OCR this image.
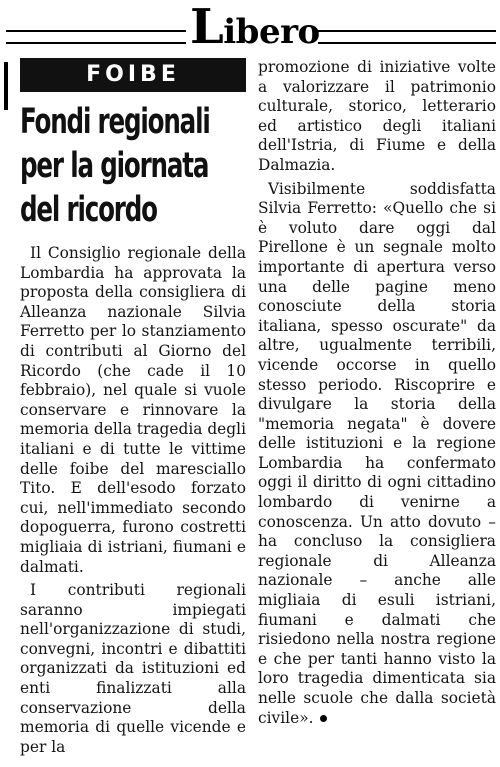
Libero
FOIBE
Fondi regionali per la giornata del ricordo

Il Consiglio regionale della Lombardia ha approvata la proposta della consigliera di Alleanza nazionale Silvia Ferretto per lo stanziamento di contributi al Giorno del Ricordo (che cade il 10 febbraio), nel quale si vuole conservare e rinnovare la memoria della tragedia degli italiani e di tutte le vittime delle foibe del maresciallo Tito. E dell'esodo forzato cui, nell'immediato secondo dopoguerra, furono costretti migliaia di istriani, fiumani e dalmati.

I contributi regionali saranno impiegati nell'organizzazione di studi, convegni, incontri e dibattiti organizzati da istituzioni ed enti finalizzati alla conservazione della memoria di quelle vicende e per la

promozione di iniziative volte a valorizzare il patrimonio culturale, storico, letterario ed artistico degli italiani dell'Istria, di Fiume e della Dalmazia.

Visibilmente soddisfatta Silvia Ferretto: «Quello che si è voluto dare oggi dal Pirellone è un segnale molto importante di apertura verso una delle pagine meno conosciute della storia italiana, spesso oscurate" da altre, ugualmente terribili, vicende occorse in quello stesso periodo. Riscoprire e divulgare la storia della "memoria negata" è dovere delle istituzioni e la regione Lombardia ha confermato oggi il diritto di ogni cittadino lombardo di venirne a conoscenza. Un atto dovuto – ha concluso la consigliera regionale di Alleanza nazionale – anche alle migliaia di esuli istriani, fiumani e dalmati che risiedono nella nostra regione e che per tanti hanno visto la loro tragedia dimenticata sia nelle scuole che dalla società civile».
